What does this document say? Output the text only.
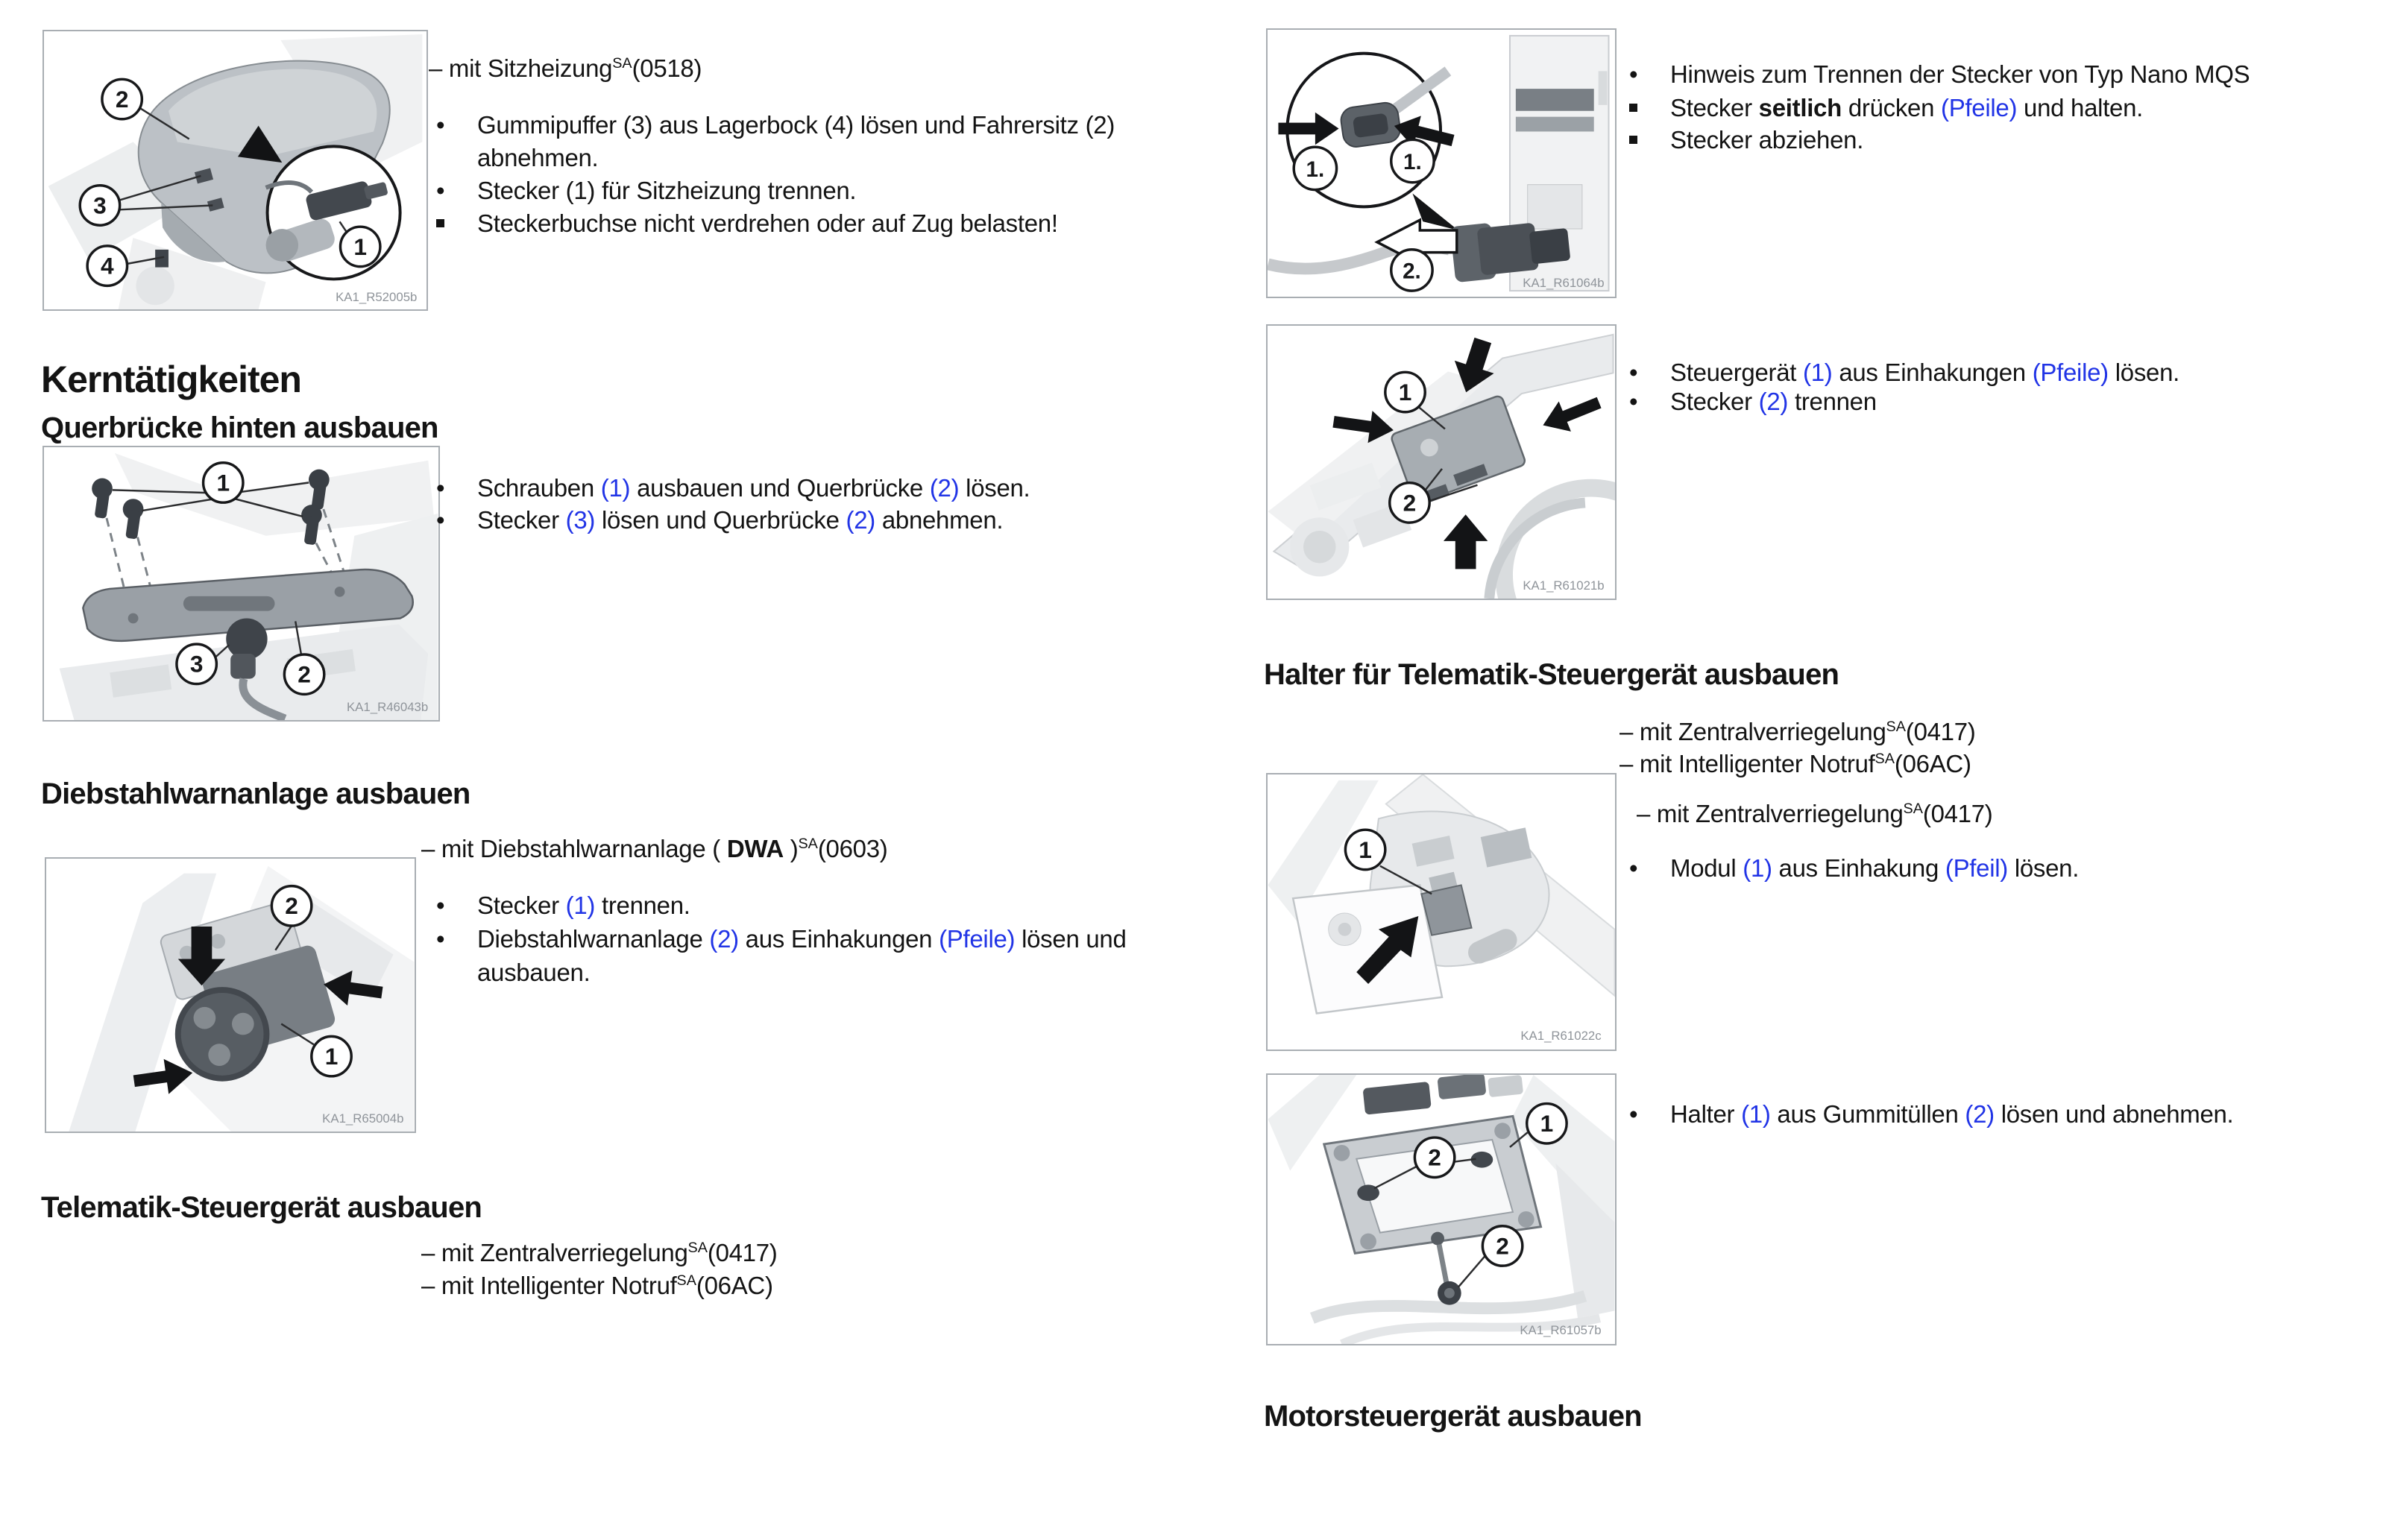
2
3
4
1
KA1_R52005b
– mit Sitzheizung$^{SA}$(0518)
•	Gummipuffer (3) aus Lagerbock (4) lösen und Fahrersitz (2)
abnehmen.
•	Stecker (1) für Sitzheizung trennen.
Steckerbuchse nicht verdrehen oder auf Zug belasten!
Kerntätigkeiten
Querbrücke hinten ausbauen
1
2
3
KA1_R46043b
•	Schrauben (1) ausbauen und Querbrücke (2) lösen.
•	Stecker (3) lösen und Querbrücke (2) abnehmen.
Diebstahlwarnanlage ausbauen
– mit Diebstahlwarnanlage ( DWA )$^{SA}$(0603)
2
1
KA1_R65004b
•	Stecker (1) trennen.
•	Diebstahlwarnanlage (2) aus Einhakungen (Pfeile) lösen und
ausbauen.
Telematik-Steuergerät ausbauen
– mit Zentralverriegelung$^{SA}$(0417)
– mit Intelligenter Notruf$^{SA}$(06AC)
1.	1.
2.	KA1_R61064b
•	Hinweis zum Trennen der Stecker von Typ Nano MQS
Stecker seitlich drücken (Pfeile) und halten.
Stecker abziehen.
1
2
KA1_R61021b
•	Steuergerät (1) aus Einhakungen (Pfeile) lösen.
•	Stecker (2) trennen
Halter für Telematik-Steuergerät ausbauen
– mit Zentralverriegelung$^{SA}$(0417)
– mit Intelligenter Notruf$^{SA}$(06AC)
1
KA1_R61022c
– mit Zentralverriegelung$^{SA}$(0417)
•	Modul (1) aus Einhakung (Pfeil) lösen.
1
2
2
KA1_R61057b
•	Halter (1) aus Gummitüllen (2) lösen und abnehmen.
Motorsteuergerät ausbauen
